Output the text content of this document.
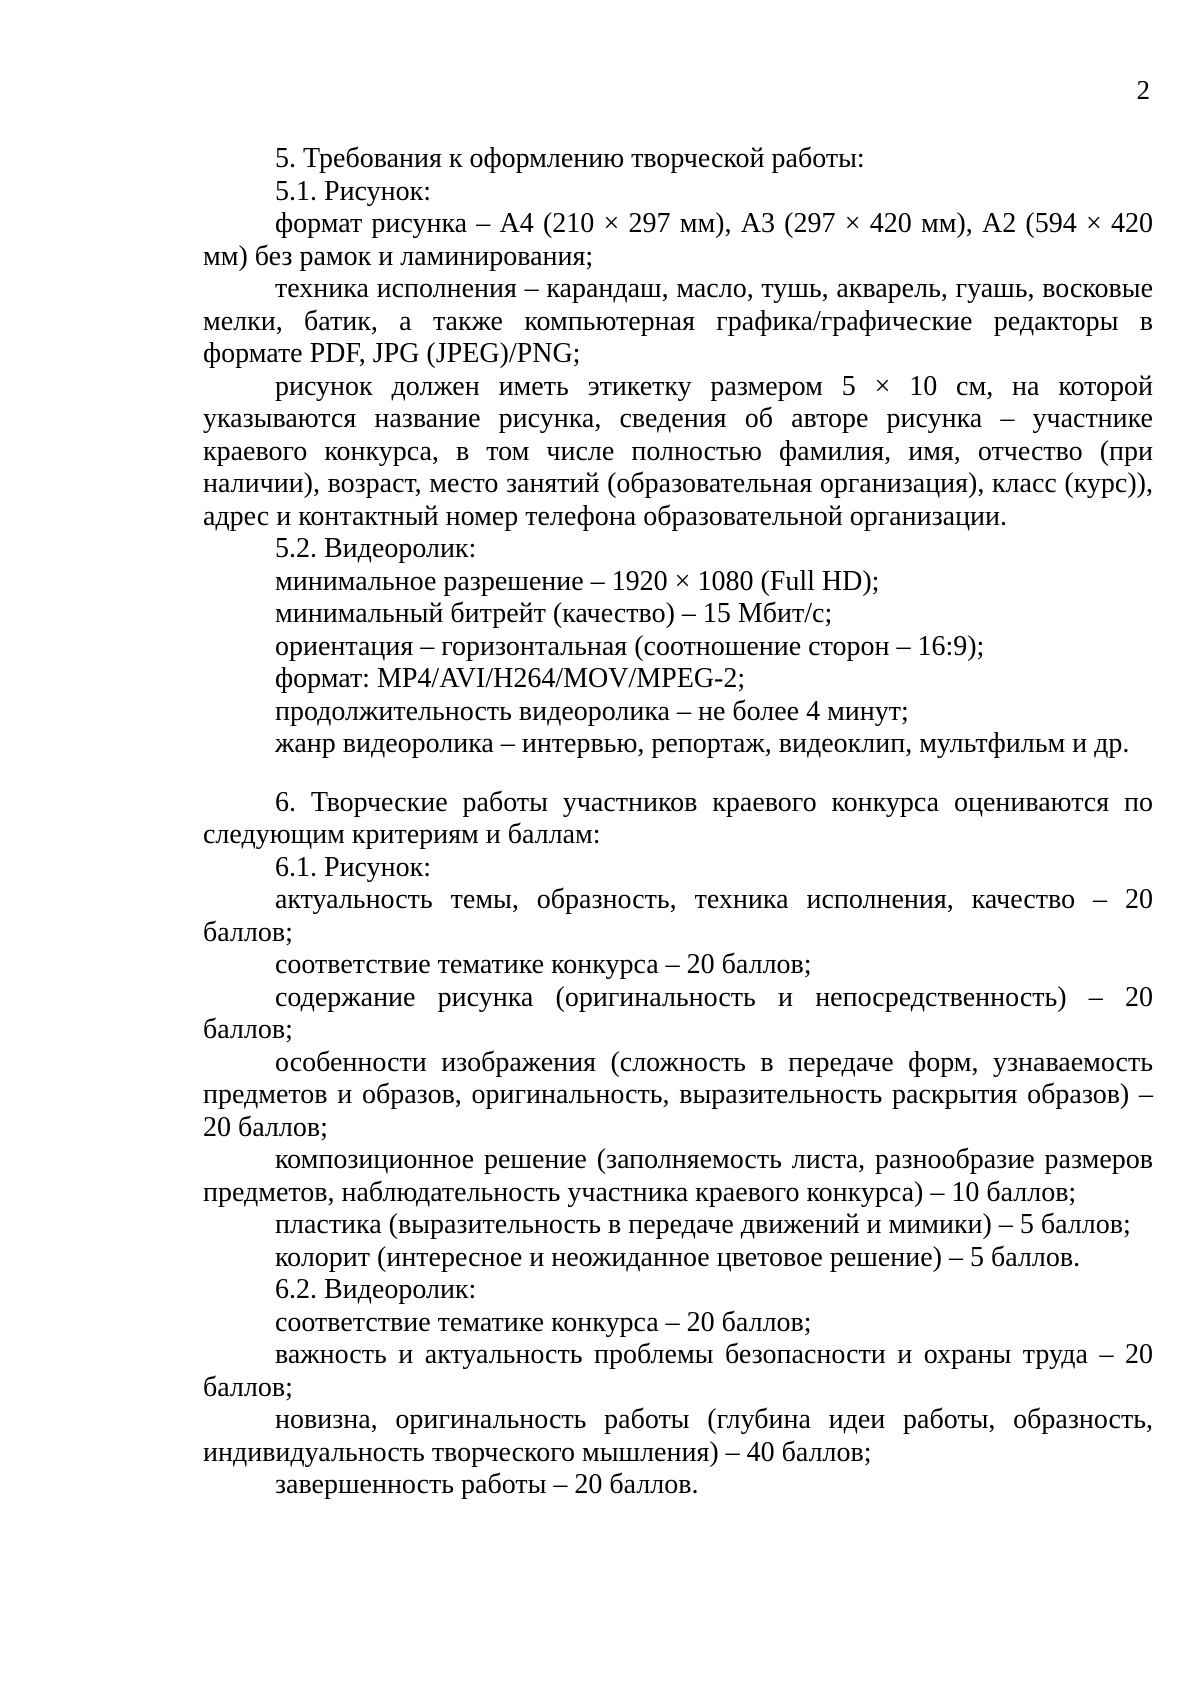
2

5. Требования к оформлению творческой работы:

5.1. Рисунок:

формат рисунка – А4 (210 × 297 мм), А3 (297 × 420 мм), А2 (594 × 420 мм) без рамок и ламинирования;

техника исполнения – карандаш, масло, тушь, акварель, гуашь, восковые мелки, батик, а также компьютерная графика/графические редакторы в формате PDF, JPG (JPEG)/PNG;

рисунок должен иметь этикетку размером 5 × 10 см, на которой указываются название рисунка, сведения об авторе рисунка – участнике краевого конкурса, в том числе полностью фамилия, имя, отчество (при наличии), возраст, место занятий (образовательная организация), класс (курс)), адрес и контактный номер телефона образовательной организации.

5.2. Видеоролик:

минимальное разрешение – 1920 × 1080 (Full HD);

минимальный битрейт (качество) – 15 Мбит/с;

ориентация – горизонтальная (соотношение сторон – 16:9);

формат: MP4/AVI/H264/MOV/MPEG-2;

продолжительность видеоролика – не более 4 минут;

жанр видеоролика – интервью, репортаж, видеоклип, мультфильм и др.

6. Творческие работы участников краевого конкурса оцениваются по следующим критериям и баллам:

6.1. Рисунок:

актуальность темы, образность, техника исполнения, качество – 20 баллов;

соответствие тематике конкурса – 20 баллов;

содержание рисунка (оригинальность и непосредственность) – 20 баллов;

особенности изображения (сложность в передаче форм, узнаваемость предметов и образов, оригинальность, выразительность раскрытия образов) – 20 баллов;

композиционное решение (заполняемость листа, разнообразие размеров предметов, наблюдательность участника краевого конкурса) – 10 баллов;

пластика (выразительность в передаче движений и мимики) – 5 баллов;

колорит (интересное и неожиданное цветовое решение) – 5 баллов.

6.2. Видеоролик:

соответствие тематике конкурса – 20 баллов;

важность и актуальность проблемы безопасности и охраны труда – 20 баллов;

новизна, оригинальность работы (глубина идеи работы, образность, индивидуальность творческого мышления) – 40 баллов;

завершенность работы – 20 баллов.
